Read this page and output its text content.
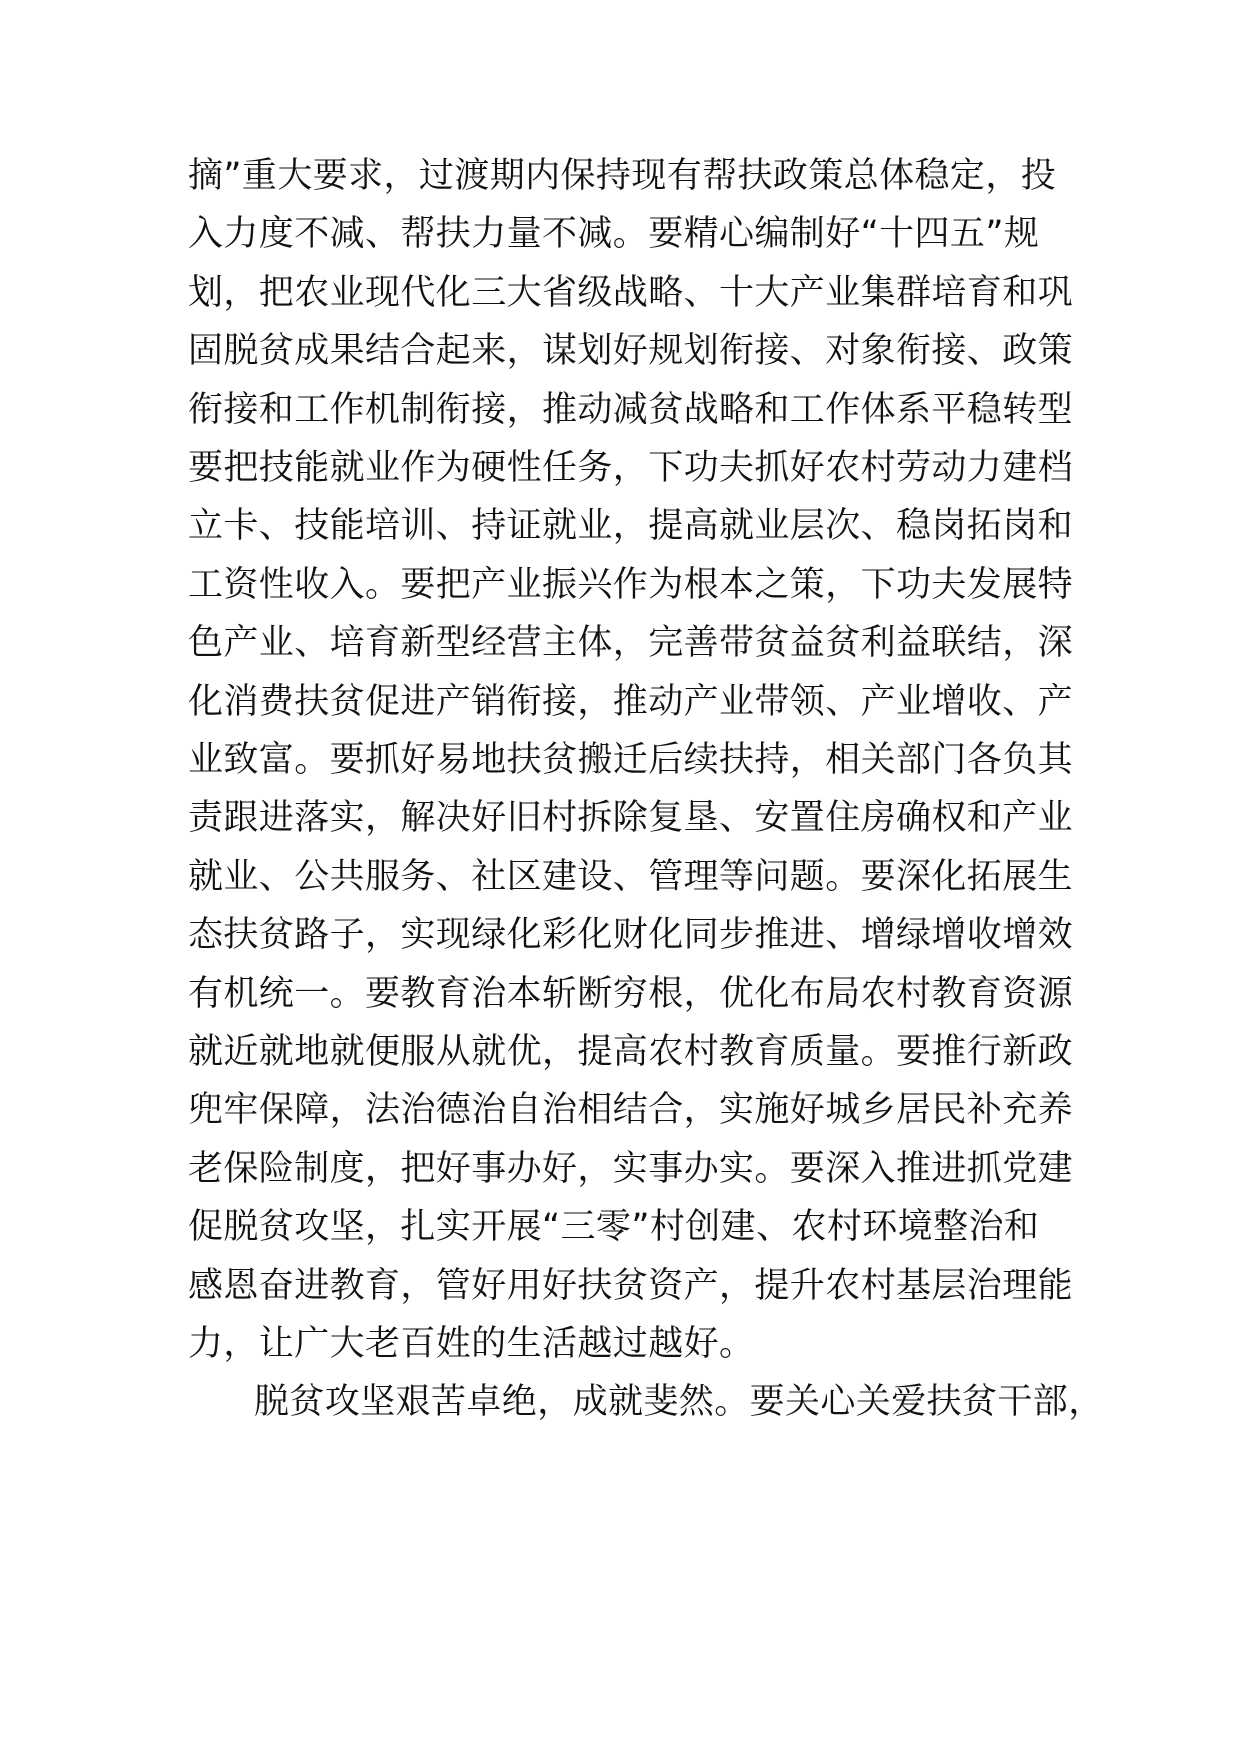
摘”重大要求，过渡期内保持现有帮扶政策总体稳定，投
入力度不减、帮扶力量不减。要精心编制好“十四五”规
划，把农业现代化三大省级战略、十大产业集群培育和巩
固脱贫成果结合起来，谋划好规划衔接、对象衔接、政策
衔接和工作机制衔接，推动减贫战略和工作体系平稳转型
要把技能就业作为硬性任务，下功夫抓好农村劳动力建档
立卡、技能培训、持证就业，提高就业层次、稳岗拓岗和
工资性收入。要把产业振兴作为根本之策，下功夫发展特
色产业、培育新型经营主体，完善带贫益贫利益联结，深
化消费扶贫促进产销衔接，推动产业带领、产业增收、产
业致富。要抓好易地扶贫搬迁后续扶持，相关部门各负其
责跟进落实，解决好旧村拆除复垦、安置住房确权和产业
就业、公共服务、社区建设、管理等问题。要深化拓展生
态扶贫路子，实现绿化彩化财化同步推进、增绿增收增效
有机统一。要教育治本斩断穷根，优化布局农村教育资源
就近就地就便服从就优，提高农村教育质量。要推行新政
兜牢保障，法治德治自治相结合，实施好城乡居民补充养
老保险制度，把好事办好，实事办实。要深入推进抓党建
促脱贫攻坚，扎实开展“三零”村创建、农村环境整治和
感恩奋进教育，管好用好扶贫资产，提升农村基层治理能
力，让广大老百姓的生活越过越好。
脱贫攻坚艰苦卓绝，成就斐然。要关心关爱扶贫干部，
